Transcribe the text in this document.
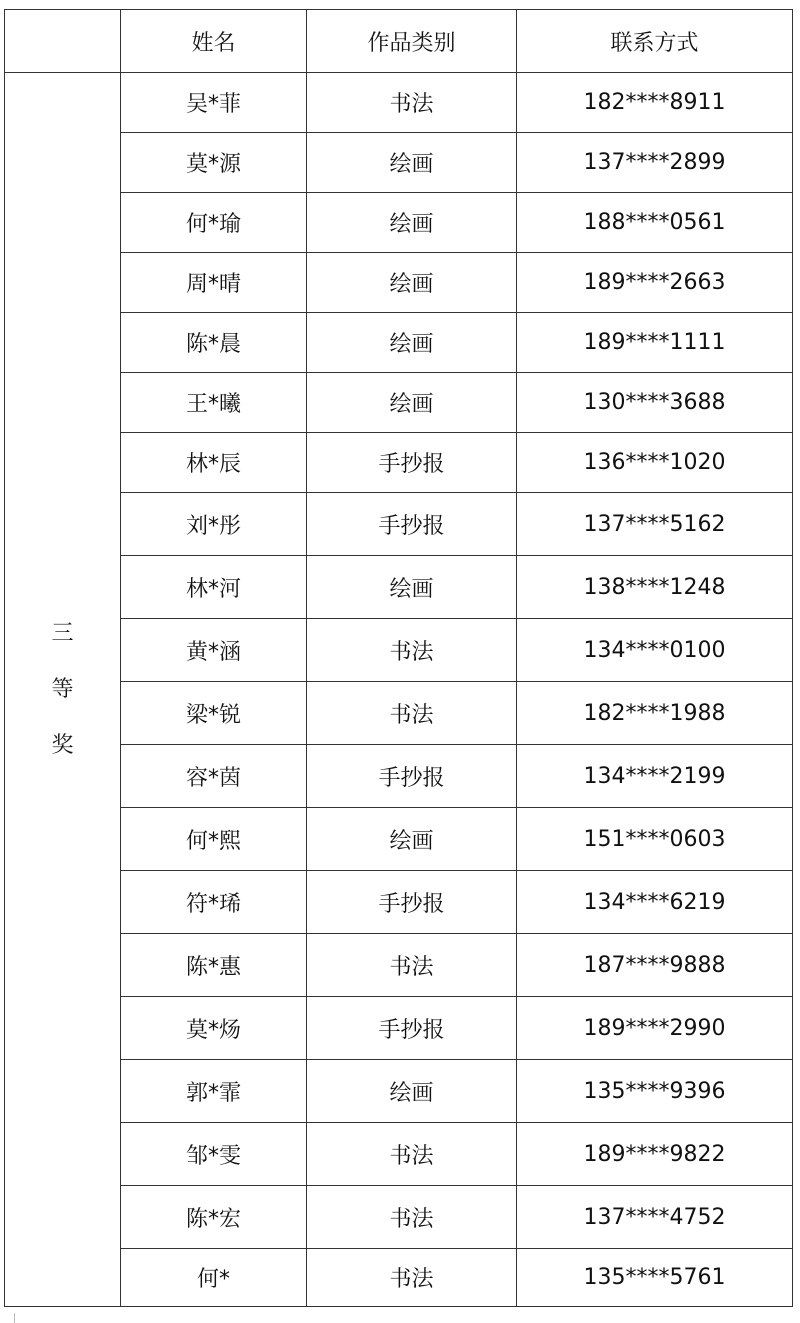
	姓名	作品类别	联系方式

三
等
奖	吴*菲	书法	182****8911
	莫*源	绘画	137****2899
	何*瑜	绘画	188****0561
	周*晴	绘画	189****2663
	陈*晨	绘画	189****1111
	王*曦	绘画	130****3688
	林*辰	手抄报	136****1020
	刘*彤	手抄报	137****5162
	林*河	绘画	138****1248
	黄*涵	书法	134****0100
	梁*锐	书法	182****1988
	容*茵	手抄报	134****2199
	何*熙	绘画	151****0603
	符*琋	手抄报	134****6219
	陈*惠	书法	187****9888
	莫*炀	手抄报	189****2990
	郭*霏	绘画	135****9396
	邹*雯	书法	189****9822
	陈*宏	书法	137****4752
	何*	书法	135****5761
